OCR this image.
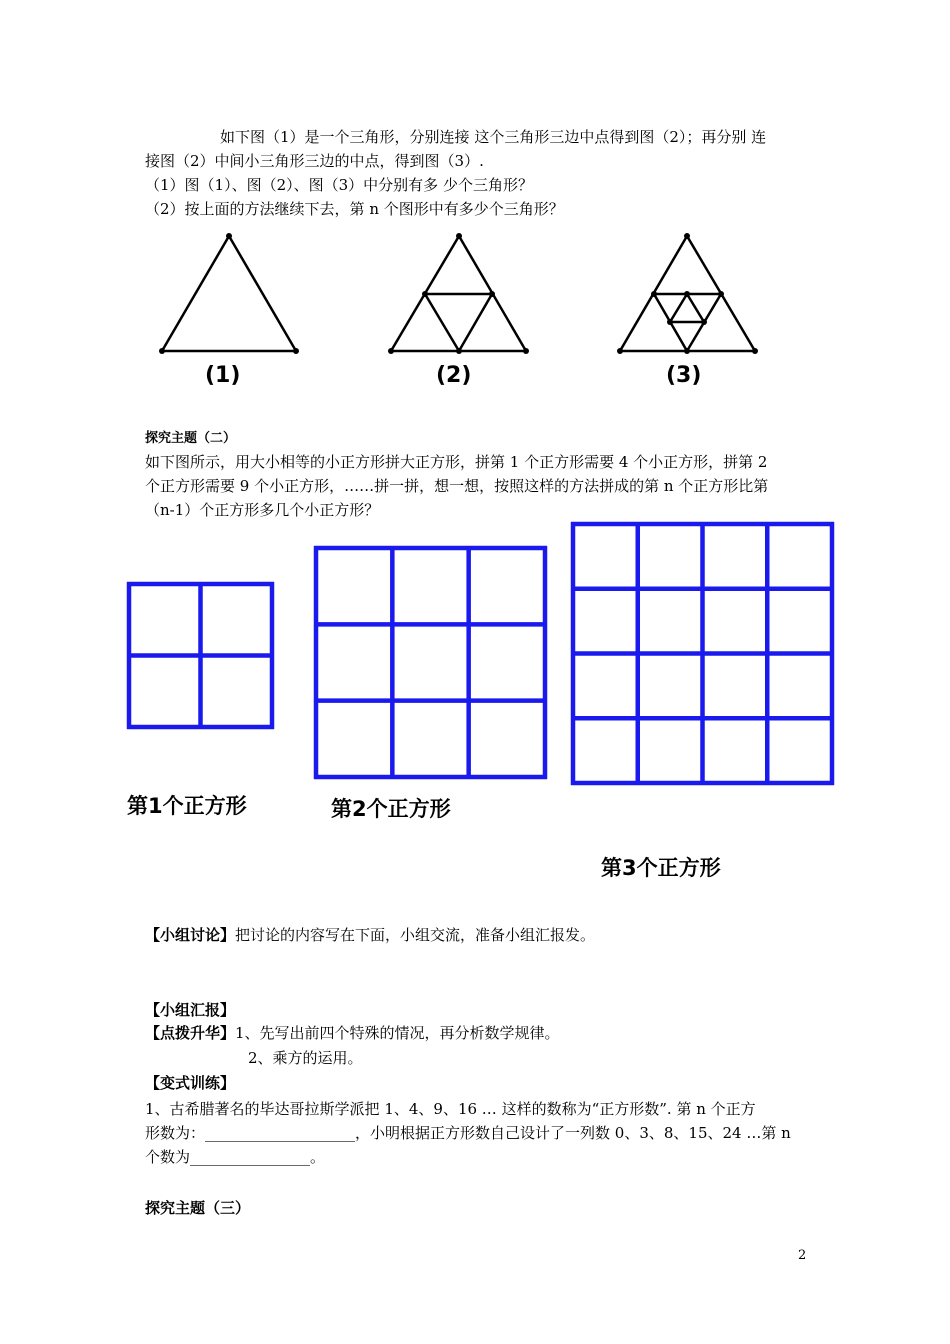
如下图（1）是一个三角形，分别连接 这个三角形三边中点得到图（2）；再分别 连
接图（2）中间小三角形三边的中点，得到图（3）.
（1）图（1）、图（2）、图（3）中分别有多 少个三角形？
（2）按上面的方法继续下去，第 n 个图形中有多少个三角形？
(1)	(2)	(3)
探究主题（二）
如下图所示，用大小相等的小正方形拼大正方形，拼第 1 个正方形需要 4 个小正方形，拼第 2
个正方形需要 9 个小正方形，……拼一拼，想一想，按照这样的方法拼成的第 n 个正方形比第
（n-1）个正方形多几个小正方形？
第1个正方形	第2个正方形
第3个正方形
【小组讨论】把讨论的内容写在下面，小组交流，准备小组汇报发。
【小组汇报】
【点拨升华】1、先写出前四个特殊的情况，再分析数学规律。
2、乘方的运用。
【变式训练】
1、古希腊著名的毕达哥拉斯学派把 1、4、9、16 … 这样的数称为“正方形数”. 第 n 个正方
形数为：____________________，小明根据正方形数自己设计了一列数 0、3、8、15、24 …第 n
个数为________________。
探究主题（三）
2
